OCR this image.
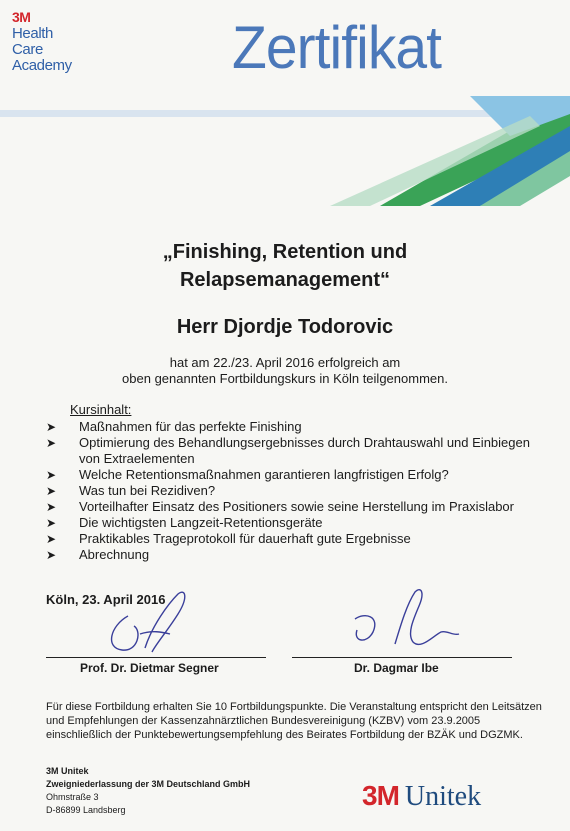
3M
Health
Care
Academy	Zertifikat
„Finishing, Retention und
Relapsemanagement“
Herr Djordje Todorovic
hat am 22./23. April 2016 erfolgreich am
oben genannten Fortbildungskurs in Köln teilgenommen.
Kursinhalt:
➤ Maßnahmen für das perfekte Finishing
➤ Optimierung des Behandlungsergebnisses durch Drahtauswahl und Einbiegen von Extraelementen
➤ Welche Retentionsmaßnahmen garantieren langfristigen Erfolg?
➤ Was tun bei Rezidiven?
➤ Vorteilhafter Einsatz des Positioners sowie seine Herstellung im Praxislabor
➤ Die wichtigsten Langzeit-Retentionsgeräte
➤ Praktikables Trageprotokoll für dauerhaft gute Ergebnisse
➤ Abrechnung
Köln, 23. April 2016
Prof. Dr. Dietmar Segner	Dr. Dagmar Ibe
Für diese Fortbildung erhalten Sie 10 Fortbildungspunkte. Die Veranstaltung entspricht den Leitsätzen und Empfehlungen der Kassenzahnärztlichen Bundesvereinigung (KZBV) vom 23.9.2005 einschließlich der Punktebewertungsempfehlung des Beirates Fortbildung der BZÄK und DGZMK.
3M Unitek
Zweigniederlassung der 3M Deutschland GmbH
Ohmstraße 3
D-86899 Landsberg	3M Unitek
